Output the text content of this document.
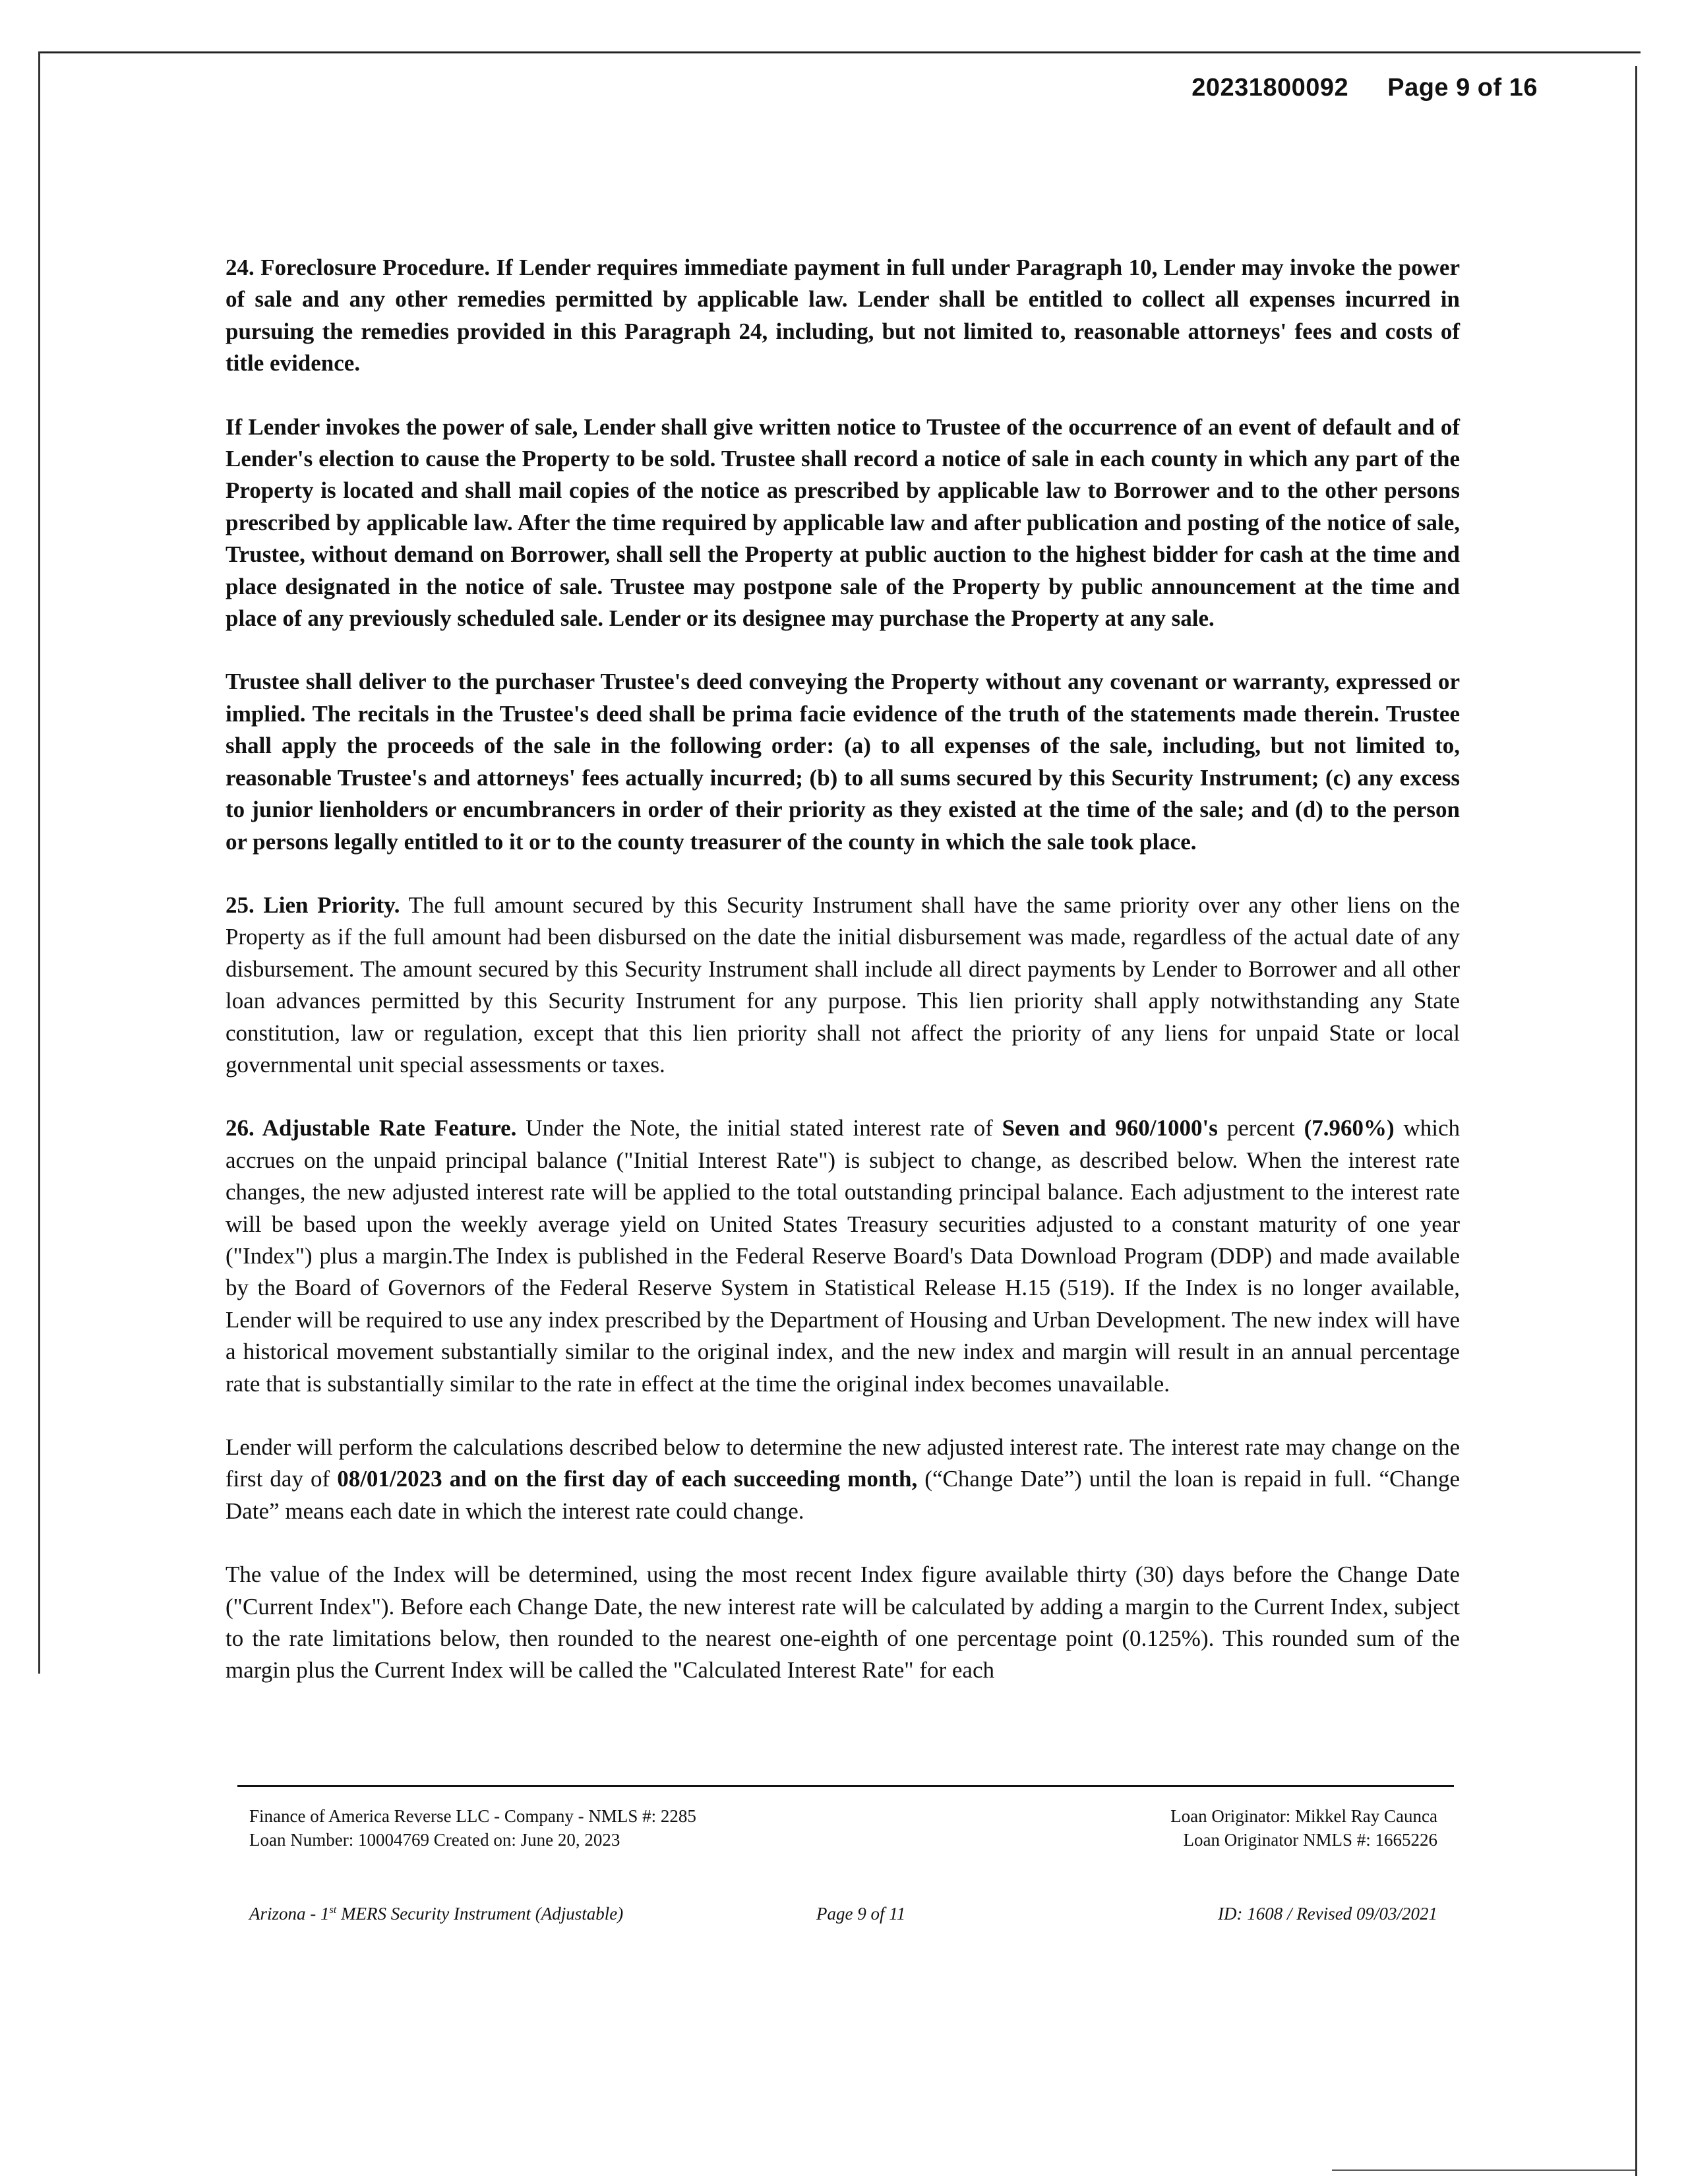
20231800092 Page 9 of 16

24. Foreclosure Procedure. If Lender requires immediate payment in full under Paragraph 10, Lender may invoke the power of sale and any other remedies permitted by applicable law. Lender shall be entitled to collect all expenses incurred in pursuing the remedies provided in this Paragraph 24, including, but not limited to, reasonable attorneys' fees and costs of title evidence.

If Lender invokes the power of sale, Lender shall give written notice to Trustee of the occurrence of an event of default and of Lender's election to cause the Property to be sold. Trustee shall record a notice of sale in each county in which any part of the Property is located and shall mail copies of the notice as prescribed by applicable law to Borrower and to the other persons prescribed by applicable law. After the time required by applicable law and after publication and posting of the notice of sale, Trustee, without demand on Borrower, shall sell the Property at public auction to the highest bidder for cash at the time and place designated in the notice of sale. Trustee may postpone sale of the Property by public announcement at the time and place of any previously scheduled sale. Lender or its designee may purchase the Property at any sale.

Trustee shall deliver to the purchaser Trustee's deed conveying the Property without any covenant or warranty, expressed or implied. The recitals in the Trustee's deed shall be prima facie evidence of the truth of the statements made therein. Trustee shall apply the proceeds of the sale in the following order: (a) to all expenses of the sale, including, but not limited to, reasonable Trustee's and attorneys' fees actually incurred; (b) to all sums secured by this Security Instrument; (c) any excess to junior lienholders or encumbrancers in order of their priority as they existed at the time of the sale; and (d) to the person or persons legally entitled to it or to the county treasurer of the county in which the sale took place.

25. Lien Priority. The full amount secured by this Security Instrument shall have the same priority over any other liens on the Property as if the full amount had been disbursed on the date the initial disbursement was made, regardless of the actual date of any disbursement. The amount secured by this Security Instrument shall include all direct payments by Lender to Borrower and all other loan advances permitted by this Security Instrument for any purpose. This lien priority shall apply notwithstanding any State constitution, law or regulation, except that this lien priority shall not affect the priority of any liens for unpaid State or local governmental unit special assessments or taxes.

26. Adjustable Rate Feature. Under the Note, the initial stated interest rate of Seven and 960/1000's percent (7.960%) which accrues on the unpaid principal balance ("Initial Interest Rate") is subject to change, as described below. When the interest rate changes, the new adjusted interest rate will be applied to the total outstanding principal balance. Each adjustment to the interest rate will be based upon the weekly average yield on United States Treasury securities adjusted to a constant maturity of one year ("Index") plus a margin.The Index is published in the Federal Reserve Board's Data Download Program (DDP) and made available by the Board of Governors of the Federal Reserve System in Statistical Release H.15 (519). If the Index is no longer available, Lender will be required to use any index prescribed by the Department of Housing and Urban Development. The new index will have a historical movement substantially similar to the original index, and the new index and margin will result in an annual percentage rate that is substantially similar to the rate in effect at the time the original index becomes unavailable.

Lender will perform the calculations described below to determine the new adjusted interest rate. The interest rate may change on the first day of 08/01/2023 and on the first day of each succeeding month, (“Change Date”) until the loan is repaid in full. “Change Date” means each date in which the interest rate could change.

The value of the Index will be determined, using the most recent Index figure available thirty (30) days before the Change Date ("Current Index"). Before each Change Date, the new interest rate will be calculated by adding a margin to the Current Index, subject to the rate limitations below, then rounded to the nearest one-eighth of one percentage point (0.125%). This rounded sum of the margin plus the Current Index will be called the "Calculated Interest Rate" for each

Finance of America Reverse LLC - Company - NMLS #: 2285
Loan Number: 10004769 Created on: June 20, 2023
Loan Originator: Mikkel Ray Caunca
Loan Originator NMLS #: 1665226
Arizona - 1st MERS Security Instrument (Adjustable)	Page 9 of 11	ID: 1608 / Revised 09/03/2021
